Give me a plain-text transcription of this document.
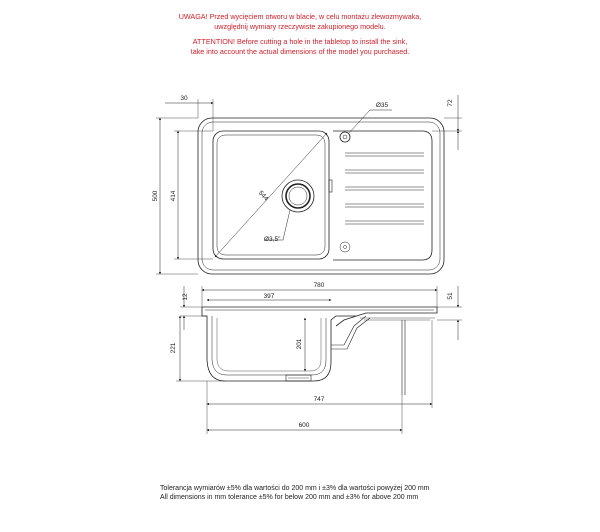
UWAGA! Przed wycięciem otworu w blacie, w celu montażu zlewozmywaka,
uwzględnij wymiary rzeczywiste zakupionego modelu.
ATTENTION! Before cutting a hole in the tabletop to install the sink,
take into account the actual dimensions of the model you purchased.
30
Ø35	72
500 414	544
Ø3,5"
12
780
51
397
221	201
747
600
Tolerancja wymiarów ±5% dla wartości do 200 mm i ±3% dla wartości powyżej 200 mm
All dimensions in mm tolerance ±5% for below 200 mm and ±3% for above 200 mm
